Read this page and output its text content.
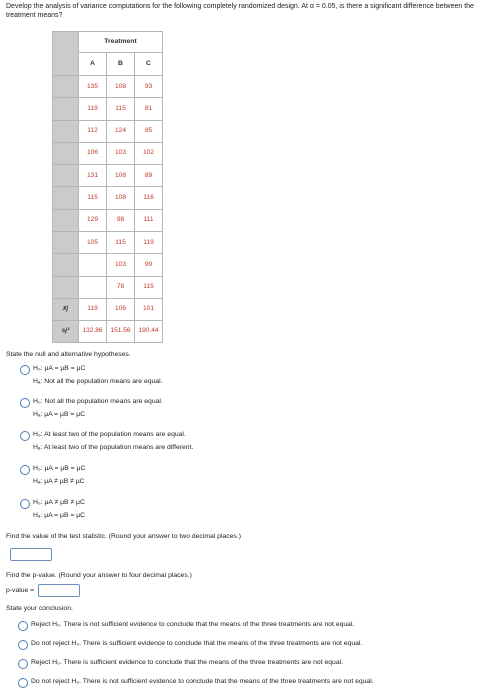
Develop the analysis of variance computations for the following completely randomized design. At α = 0.05, is there a significant difference between the treatment means?
	Treatment		
	A	B	C
	135	108	93
	119	115	81
	112	124	85
	106	103	102
	131	108	89
	115	108	116
	129	98	111
	105	115	119
		103	99
		78	115
x̄j	119	106	101
sj²	132.86	151.56	190.44
State the null and alternative hypotheses.
H₀: μA = μB = μC
Hₐ: Not all the population means are equal.
H₀: Not all the population means are equal.
Hₐ: μA = μB = μC
H₀: At least two of the population means are equal.
Hₐ: At least two of the population means are different.
H₀: μA = μB = μC
Hₐ: μA ≠ μB ≠ μC
H₀: μA ≠ μB ≠ μC
Hₐ: μA = μB = μC
Find the value of the test statistic. (Round your answer to two decimal places.)
Find the p-value. (Round your answer to four decimal places.)
p-value =
State your conclusion.
Reject H₀. There is not sufficient evidence to conclude that the means of the three treatments are not equal.
Do not reject H₀. There is sufficient evidence to conclude that the means of the three treatments are not equal.
Reject H₀. There is sufficient evidence to conclude that the means of the three treatments are not equal.
Do not reject H₀. There is not sufficient evidence to conclude that the means of the three treatments are not equal.
